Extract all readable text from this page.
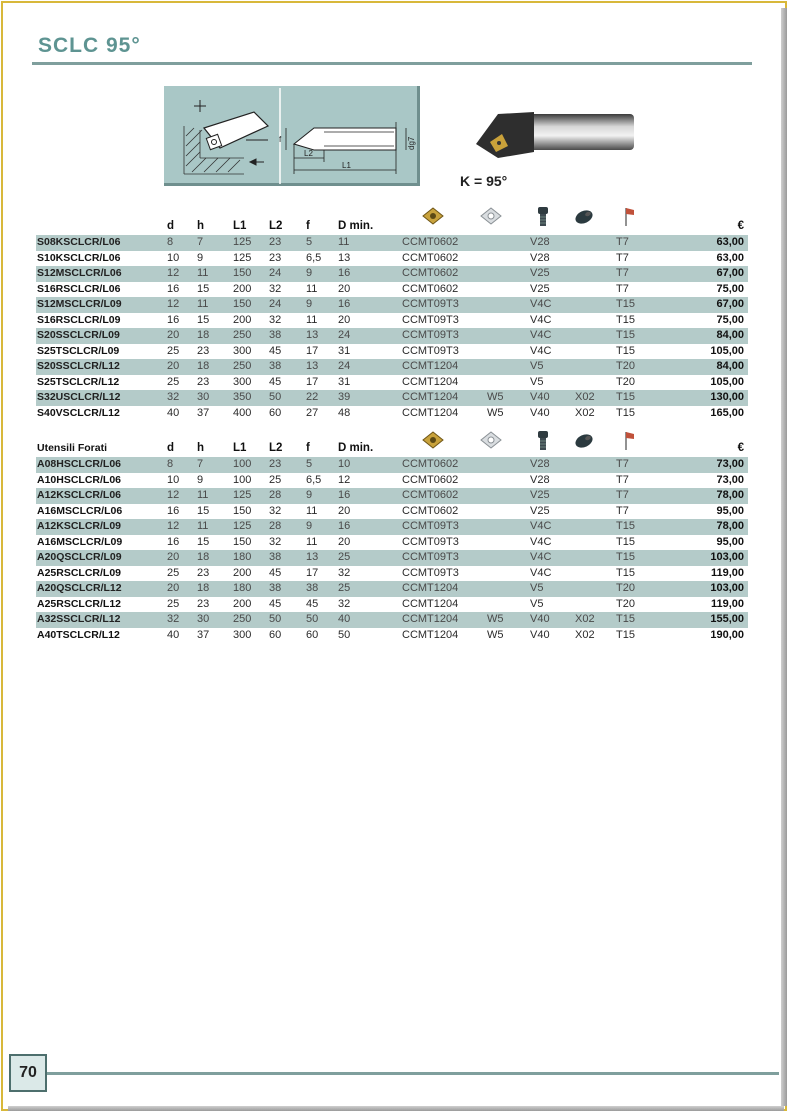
SCLC 95°
L1
L2
f	dg7
K = 95°
d h	L1 L2 f D min.	€
S08KSCLCR/L06	8 7	125 23 5 11	CCMT0602	V28	T7	63,00
S10KSCLCR/L06	10 9	125 23 6,5 13	CCMT0602	V28	T7	63,00
S12MSCLCR/L06	12 11 150 24 9 16	CCMT0602	V25	T7	67,00
S16RSCLCR/L06	16 15 200 32 11 20	CCMT0602	V25	T7	75,00
S12MSCLCR/L09	12 11 150 24 9 16	CCMT09T3	V4C	T15	67,00
S16RSCLCR/L09	16 15 200 32 11 20	CCMT09T3	V4C	T15	75,00
S20SSCLCR/L09	20 18 250 38 13 24	CCMT09T3	V4C	T15	84,00
S25TSCLCR/L09	25 23 300 45 17 31	CCMT09T3	V4C	T15	105,00
S20SSCLCR/L12	20 18 250 38 13 24	CCMT1204	V5	T20	84,00
S25TSCLCR/L12	25 23 300 45 17 31	CCMT1204	V5	T20	105,00
S32USCLCR/L12	32 30 350 50 22 39	CCMT1204	W5 V40 X02 T15	130,00
S40VSCLCR/L12	40 37 400 60 27 48	CCMT1204	W5 V40 X02 T15	165,00
Utensili Forati	d h	L1 L2 f D min.	€
A08HSCLCR/L06	8 7	100 23 5 10	CCMT0602	V28	T7	73,00
A10HSCLCR/L06	10 9	100 25 6,5 12	CCMT0602	V28	T7	73,00
A12KSCLCR/L06	12 11 125 28 9 16	CCMT0602	V25	T7	78,00
A16MSCLCR/L06	16 15 150 32 11 20	CCMT0602	V25	T7	95,00
A12KSCLCR/L09	12 11 125 28 9 16	CCMT09T3	V4C	T15	78,00
A16MSCLCR/L09	16 15 150 32 11 20	CCMT09T3	V4C	T15	95,00
A20QSCLCR/L09	20 18 180 38 13 25	CCMT09T3	V4C	T15	103,00
A25RSCLCR/L09	25 23 200 45 17 32	CCMT09T3	V4C	T15	119,00
A20QSCLCR/L12	20 18 180 38 38 25	CCMT1204	V5	T20	103,00
A25RSCLCR/L12	25 23 200 45 45 32	CCMT1204	V5	T20	119,00
A32SSCLCR/L12	32 30 250 50 50 40	CCMT1204	W5 V40 X02 T15	155,00
A40TSCLCR/L12	40 37 300 60 60 50	CCMT1204	W5 V40 X02 T15	190,00
70
